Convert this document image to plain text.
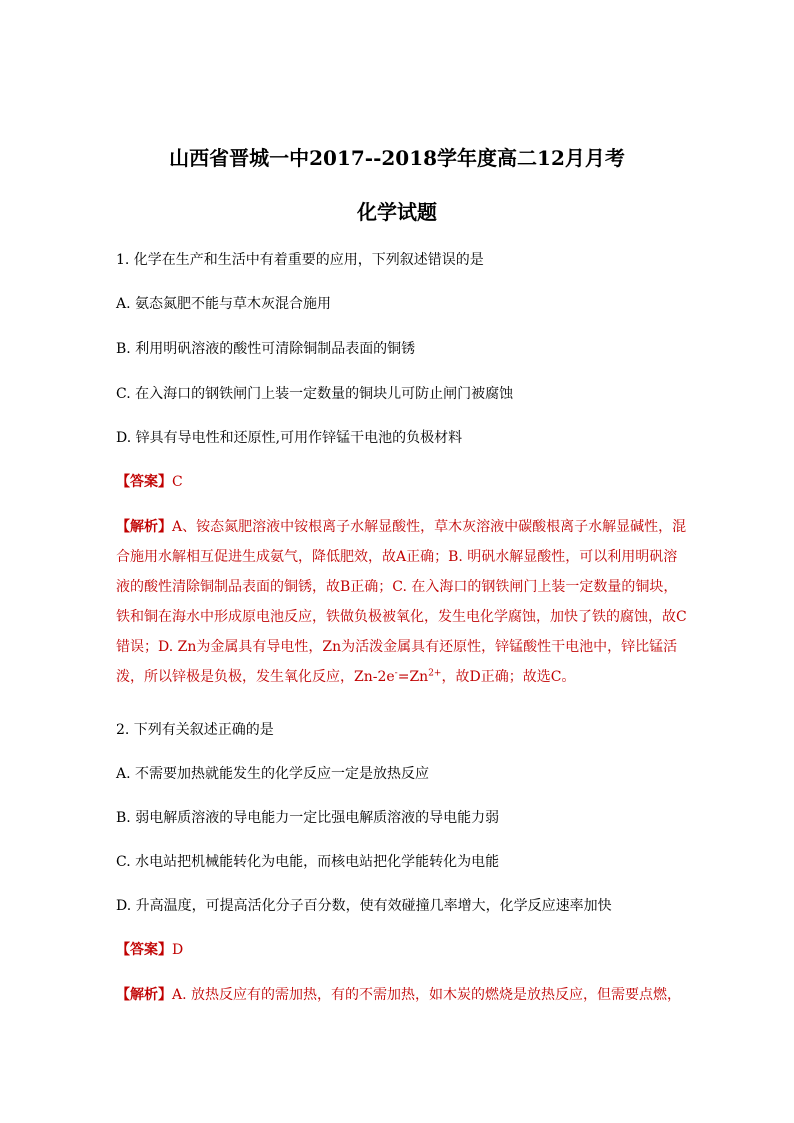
山西省晋城一中2017--2018学年度高二12月月考
化学试题
1. 化学在生产和生活中有着重要的应用，下列叙述错误的是
A. 氨态氮肥不能与草木灰混合施用
B. 利用明矾溶液的酸性可清除铜制品表面的铜锈
C. 在入海口的钢铁闸门上装一定数量的铜块儿可防止闸门被腐蚀
D. 锌具有导电性和还原性,可用作锌锰干电池的负极材料
【答案】C
【解析】A、铵态氮肥溶液中铵根离子水解显酸性，草木灰溶液中碳酸根离子水解显碱性，混
合施用水解相互促进生成氨气，降低肥效，故A正确；B. 明矾水解显酸性，可以利用明矾溶
液的酸性清除铜制品表面的铜锈，故B正确；C. 在入海口的钢铁闸门上装一定数量的铜块，
铁和铜在海水中形成原电池反应，铁做负极被氧化，发生电化学腐蚀，加快了铁的腐蚀，故C
错误；D. Zn为金属具有导电性，Zn为活泼金属具有还原性，锌锰酸性干电池中，锌比锰活
泼，所以锌极是负极，发生氧化反应，$Zn-2e^-=Zn^{2+}$，故D正确；故选C。
2. 下列有关叙述正确的是
A. 不需要加热就能发生的化学反应一定是放热反应
B. 弱电解质溶液的导电能力一定比强电解质溶液的导电能力弱
C. 水电站把机械能转化为电能，而核电站把化学能转化为电能
D. 升高温度，可提高活化分子百分数，使有效碰撞几率增大，化学反应速率加快
【答案】D
【解析】A. 放热反应有的需加热，有的不需加热，如木炭的燃烧是放热反应，但需要点燃，
